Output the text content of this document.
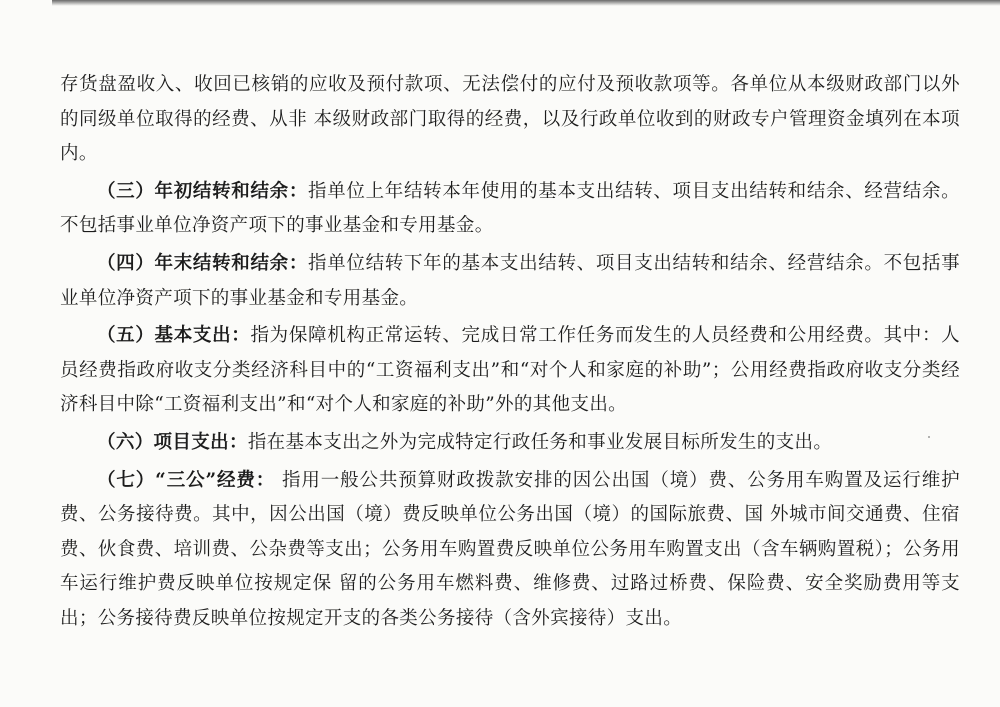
存货盘盈收入、收回已核销的应收及预付款项、无法偿付的应付及预收款项等。各单位从本级财政部门以外的同级单位取得的经费、从非 本级财政部门取得的经费，以及行政单位收到的财政专户管理资金填列在本项内。

（三）年初结转和结余：指单位上年结转本年使用的基本支出结转、项目支出结转和结余、经营结余。不包括事业单位净资产项下的事业基金和专用基金。

（四）年末结转和结余：指单位结转下年的基本支出结转、项目支出结转和结余、经营结余。不包括事业单位净资产项下的事业基金和专用基金。

（五）基本支出：指为保障机构正常运转、完成日常工作任务而发生的人员经费和公用经费。其中：人员经费指政府收支分类经济科目中的“工资福利支出”和“对个人和家庭的补助”；公用经费指政府收支分类经济科目中除“工资福利支出”和“对个人和家庭的补助”外的其他支出。

（六）项目支出：指在基本支出之外为完成特定行政任务和事业发展目标所发生的支出。

（七）“三公”经费： 指用一般公共预算财政拨款安排的因公出国（境）费、公务用车购置及运行维护费、公务接待费。其中，因公出国（境）费反映单位公务出国（境）的国际旅费、国 外城市间交通费、住宿费、伙食费、培训费、公杂费等支出；公务用车购置费反映单位公务用车购置支出（含车辆购置税）；公务用车运行维护费反映单位按规定保 留的公务用车燃料费、维修费、过路过桥费、保险费、安全奖励费用等支出；公务接待费反映单位按规定开支的各类公务接待（含外宾接待）支出。
